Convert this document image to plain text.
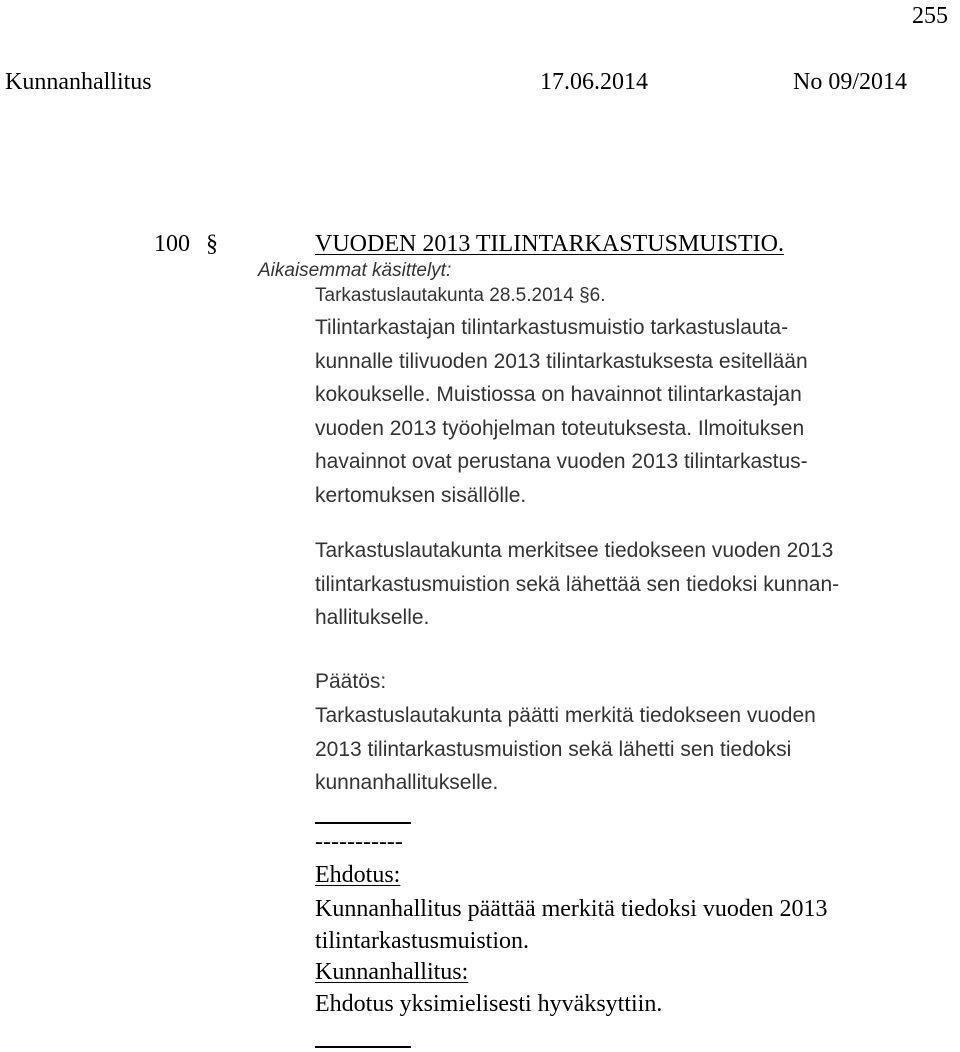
255
Kunnanhallitus	17.06.2014	No 09/2014
100 §	VUODEN 2013 TILINTARKASTUSMUISTIO.
Aikaisemmat käsittelyt:
Tarkastuslautakunta 28.5.2014 §6.
Tilintarkastajan tilintarkastusmuistio tarkastuslauta-
kunnalle tilivuoden 2013 tilintarkastuksesta esitellään
kokoukselle. Muistiossa on havainnot tilintarkastajan
vuoden 2013 työohjelman toteutuksesta. Ilmoituksen
havainnot ovat perustana vuoden 2013 tilintarkastus-
kertomuksen sisällölle.
Tarkastuslautakunta merkitsee tiedokseen vuoden 2013
tilintarkastusmuistion sekä lähettää sen tiedoksi kunnan-
hallitukselle.
Päätös:
Tarkastuslautakunta päätti merkitä tiedokseen vuoden
2013 tilintarkastusmuistion sekä lähetti sen tiedoksi
kunnanhallitukselle.
-----------
Ehdotus:
Kunnanhallitus päättää merkitä tiedoksi vuoden 2013
tilintarkastusmuistion.
Kunnanhallitus:
Ehdotus yksimielisesti hyväksyttiin.
